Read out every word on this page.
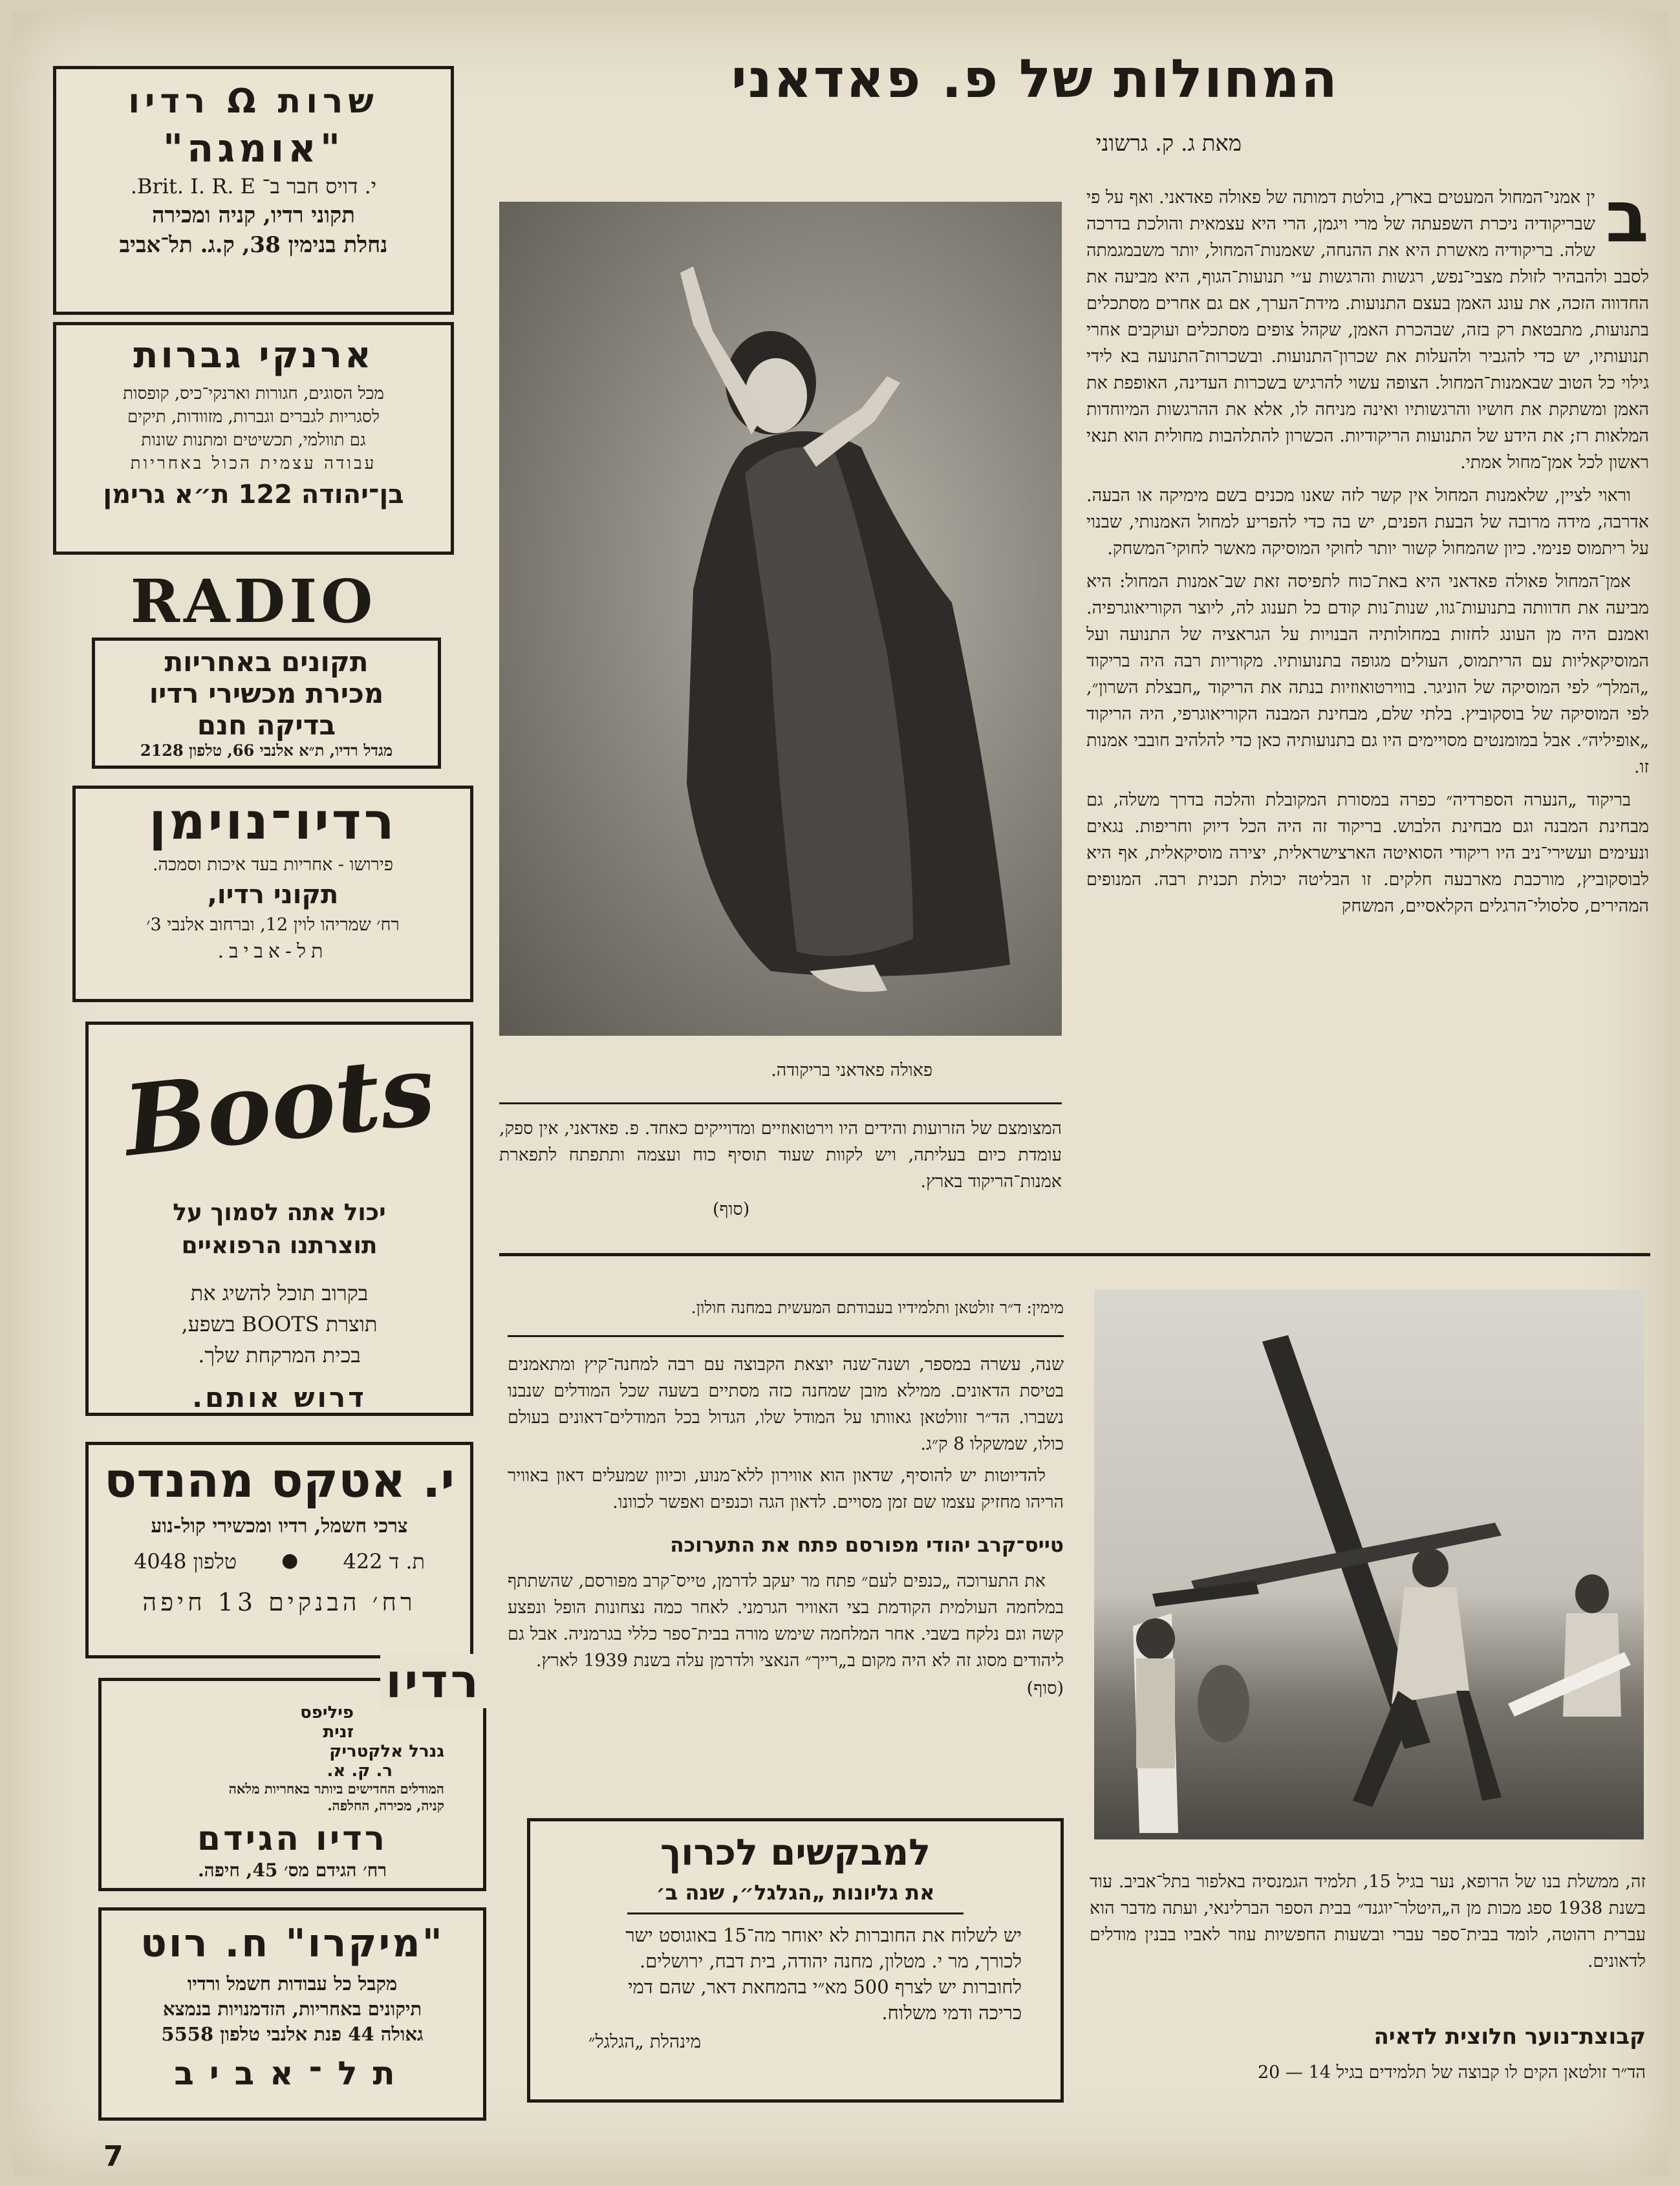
שרות Ω רדיו
"אומגה"
י. דויס חבר ב־ Brit. I. R. E.
תקוני רדיו, קניה ומכירה
נחלת בנימין 38, ק.ג. תל־אביב
ארנקי גברות
מכל הסוגים, חגורות וארנקי־כיס, קופסות
לסגריות לגברים וגברות, מזוודות, תיקים
גם תוולמי, תכשיטים ומתנות שונות
עבודה עצמית הכול באחריות
בן־יהודה 122 ת״א גרימן
RADIO
תקונים באחריות
מכירת מכשירי רדיו
בדיקה חנם
מגדל רדיו, ת״א אלנבי 66, טלפון 2128
רדיו־נוימן
פירושו - אחריות בעד איכות וסמכה.
תקוני רדיו,
רח׳ שמריהו לוין 12, וברחוב אלנבי 3׳
תל-אביב.
Boots
יכול אתה לסמוך על
תוצרתנו הרפואיים
בקרוב תוכל להשיג את
תוצרת BOOTS בשפע,
בכית המרקחת שלך.
דרוש אותם.
י. אטקס מהנדס
צרכי חשמל, רדיו ומכשירי קול-נוע
ת. ד 422
●
טלפון 4048
רח׳ הבנקים 13 חיפה
רדיו
פיליפס
זנית
גנרל אלקטריק
ר. ק. א.
המודלים החדישים ביותר באחריות מלאה
קניה, מכירה, החלפה.
רדיו הגידם
רח׳ הגידם מס׳ 45, חיפה.
"מיקרו" ח. רוט
מקבל כל עבודות חשמל ורדיו
תיקונים באחריות, הזדמנויות בנמצא
גאולה 44 פנת אלנבי טלפון 5558
תל־אביב
7
המחולות של פ. פאדאני
מאת ג. ק. גרשוני
ב

ין אמני־המחול המעטים בארץ, בולטת דמותה של פאולה פאדאני. ואף על פי שבריקודיה ניכרת השפעתה של מרי ויגמן, הרי היא עצמאית והולכת בדרכה שלה. בריקודיה מאשרת היא את ההנחה, שאמנות־המחול, יותר משבמגמתה לסבב ולהבהיר לזולת מצבי־נפש, רגשות והרגשות ע״י תנועות־הגוף, היא מביעה את החדווה הזכה, את עונג האמן בעצם התנועות. מידת־הערך, אם גם אחרים מסתכלים בתנועות, מתבטאת רק בזה, שבהכרת האמן, שקהל צופים מסתכלים ועוקבים אחרי תנועותיו, יש כדי להגביר ולהעלות את שכרון־התנועות. ובשכרות־התנועה בא לידי גילוי כל הטוב שבאמנות־המחול. הצופה עשוי להרגיש בשכרות העדינה, האופפת את האמן ומשתקת את חושיו והרגשותיו ואינה מניחה לו, אלא את ההרגשות המיוחדות המלאות רז; את הידע של התנועות הריקודיות. הכשרון להתלהבות מחולית הוא תנאי ראשון לכל אמן־מחול אמתי.

וראוי לציין, שלאמנות המחול אין קשר לזה שאנו מכנים בשם מימיקה או הבעה. אדרבה, מידה מרובה של הבעת הפנים, יש בה כדי להפריע למחול האמנותי, שבנוי על ריתמוס פנימי. כיון שהמחול קשור יותר לחוקי המוסיקה מאשר לחוקי־המשחק.

אמן־המחול פאולה פאדאני היא באת־כוח לתפיסה זאת שב־אמנות המחול: היא מביעה את חדוותה בתנועות־גוו, שנות־נות קודם כל תענוג לה, ליוצר הקוריאוגרפיה. ואמנם היה מן העונג לחזות במחולותיה הבנויות על הגראציה של התנועה ועל המוסיקאליות עם הריתמוס, העולים מגופה בתנועותיו. מקוריות רבה היה בריקוד „המלך״ לפי המוסיקה של הוניגר. בווירטואוזיות בנתה את הריקוד „חבצלת השרון״, לפי המוסיקה של בוסקוביץ. בלתי שלם, מבחינת המבנה הקוריאוגרפי, היה הריקוד „אופיליה״. אבל במומנטים מסויימים היו גם בתנועותיה כאן כדי להלהיב חובבי אמנות זו.

בריקוד „הנערה הספרדיה״ כפרה במסורת המקובלת והלכה בדרך משלה, גם מבחינת המבנה וגם מבחינת הלבוש. בריקוד זה היה הכל דיוק וחריפות. נגאים ונעימים ועשירי־ניב היו ריקודי הסואיטה הארצישראלית, יצירה מוסיקאלית, אף היא לבוסקוביץ, מורכבת מארבעה חלקים. זו הבליטה יכולת תכנית רבה. המנופים המהירים, סלסולי־הרגלים הקלאסיים, המשחק

פאולה פאדאני בריקודה.
המצומצם של הזרועות והידים היו וירטואוזיים ומדוייקים כאחד. פ. פאדאני, אין ספק, עומדת כיום בעליתה, ויש לקוות שעוד תוסיף כוח ועצמה ותתפתח לתפארת אמנות־הריקוד בארץ.
(סוף)
זה, ממשלת בנו של הרופא, נער בגיל 15, תלמיד הגמנסיה באלפור בתל־אביב. עוד בשנת 1938 ספג מכות מן ה„היטלר־יוגנד״ בבית הספר הברלינאי, ועתה מדבר הוא עברית רהוטה, לומד בבית־ספר עברי ובשעות החפשיות עוזר לאביו בבנין מודלים לדאונים.
קבוצת־נוער חלוצית לדאיה
הד״ר זולטאן הקים לו קבוצה של תלמידים בגיל 14 — 20
מימין: ד״ר זולטאן ותלמידיו בעבודתם המעשית במחנה חולון.

שנה, עשרה במספר, ושנה־שנה יוצאת הקבוצה עם רבה למחנה־קיץ ומתאמנים בטיסת הדאונים. ממילא מובן שמחנה כזה מסתיים בשעה שכל המודלים שנבנו נשברו. הד״ר זוולטאן גאוותו על המודל שלו, הגדול בכל המודלים־דאונים בעולם כולו, שמשקלו 8 ק״ג.

להדיוטות יש להוסיף, שדאון הוא אווירון ללא־מנוע, וכיוון שמעלים דאון באוויר הריהו מחזיק עצמו שם זמן מסויים. לדאון הגה וכנפים ואפשר לכוונו.

טייס־קרב יהודי מפורסם פתח את התערוכה

את התערוכה „כנפים לעם״ פתח מר יעקב לדרמן, טייס־קרב מפורסם, שהשתתף במלחמה העולמית הקודמת בצי האוויר הגרמני. לאחר כמה נצחונות הופל ונפצע קשה וגם נלקח בשבי. אחר המלחמה שימש מורה בבית־ספר כללי בגרמניה. אבל גם ליהודים מסוג זה לא היה מקום ב„רייך״ הנאצי ולדרמן עלה בשנת 1939 לארץ.

(סוף)
למבקשים לכרוך
את גליונות „הגלגל״, שנה ב׳
יש לשלוח את החוברות לא יאוחר מה־15 באוגוסט ישר לכורך, מר י. מטלון, מחנה יהודה, בית דבח, ירושלים. לחוברות יש לצרף 500 מא״י בהמחאת דאר, שהם דמי כריכה ודמי משלוח.
מינהלת „הגלגל״
